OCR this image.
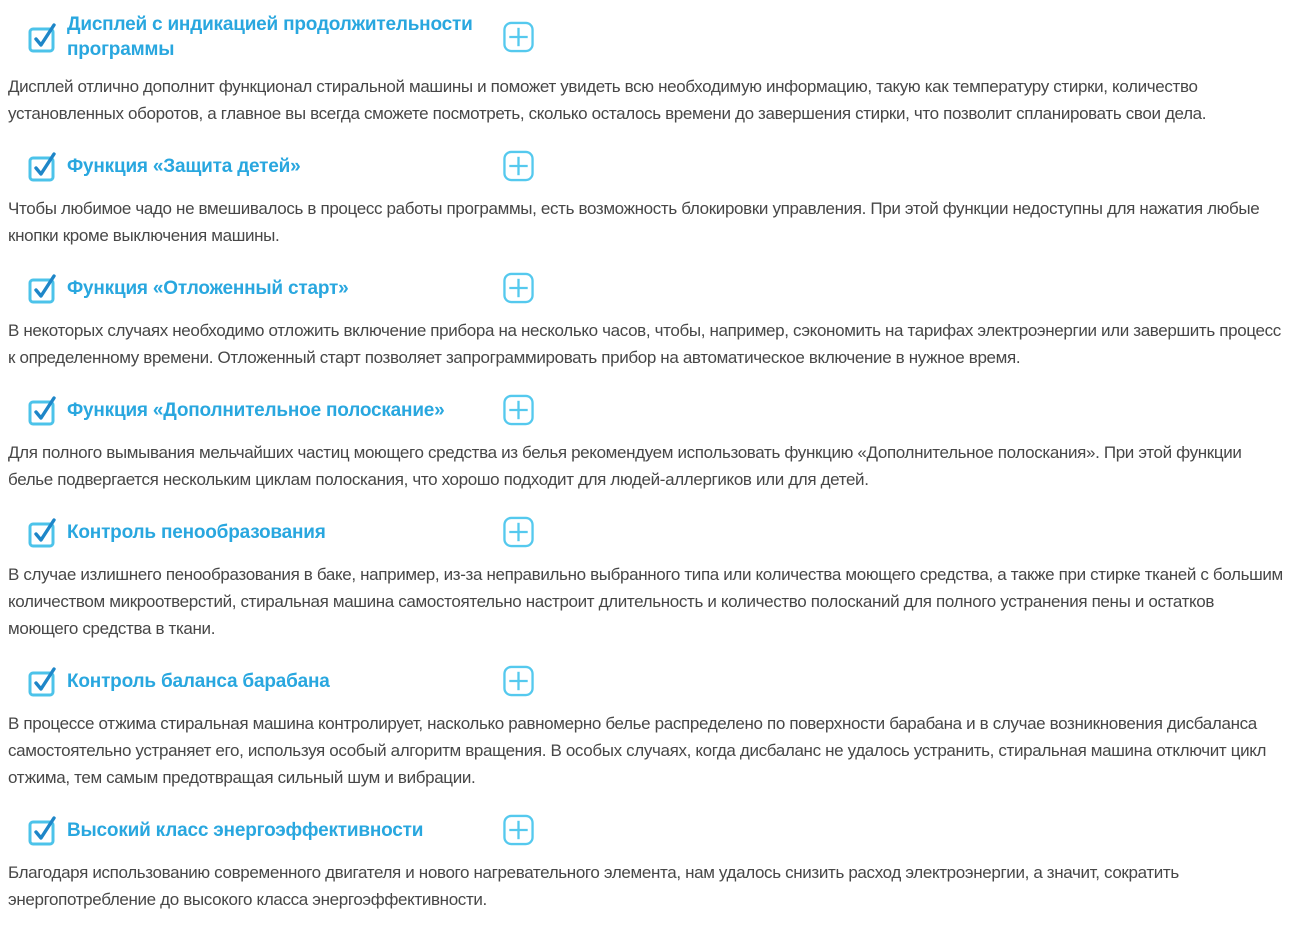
Дисплей с индикацией продолжительности программы

Дисплей отлично дополнит функционал стиральной машины и поможет увидеть всю необходимую информацию, такую как температуру стирки, количество установленных оборотов, а главное вы всегда сможете посмотреть, сколько осталось времени до завершения стирки, что позволит спланировать свои дела.

Функция «Защита детей»

Чтобы любимое чадо не вмешивалось в процесс работы программы, есть возможность блокировки управления. При этой функции недоступны для нажатия любые кнопки кроме выключения машины.

Функция «Отложенный старт»

В некоторых случаях необходимо отложить включение прибора на несколько часов, чтобы, например, сэкономить на тарифах электроэнергии или завершить процесс к определенному времени. Отложенный старт позволяет запрограммировать прибор на автоматическое включение в нужное время.

Функция «Дополнительное полоскание»

Для полного вымывания мельчайших частиц моющего средства из белья рекомендуем использовать функцию «Дополнительное полоскания». При этой функции белье подвергается нескольким циклам полоскания, что хорошо подходит для людей-аллергиков или для детей.

Контроль пенообразования

В случае излишнего пенообразования в баке, например, из-за неправильно выбранного типа или количества моющего средства, а также при стирке тканей с большим количеством микроотверстий, стиральная машина самостоятельно настроит длительность и количество полосканий для полного устранения пены и остатков моющего средства в ткани.

Контроль баланса барабана

В процессе отжима стиральная машина контролирует, насколько равномерно белье распределено по поверхности барабана и в случае возникновения дисбаланса самостоятельно устраняет его, используя особый алгоритм вращения. В особых случаях, когда дисбаланс не удалось устранить, стиральная машина отключит цикл отжима, тем самым предотвращая сильный шум и вибрации.

Высокий класс энергоэффективности

Благодаря использованию современного двигателя и нового нагревательного элемента, нам удалось снизить расход электроэнергии, а значит, сократить энергопотребление до высокого класса энергоэффективности.
